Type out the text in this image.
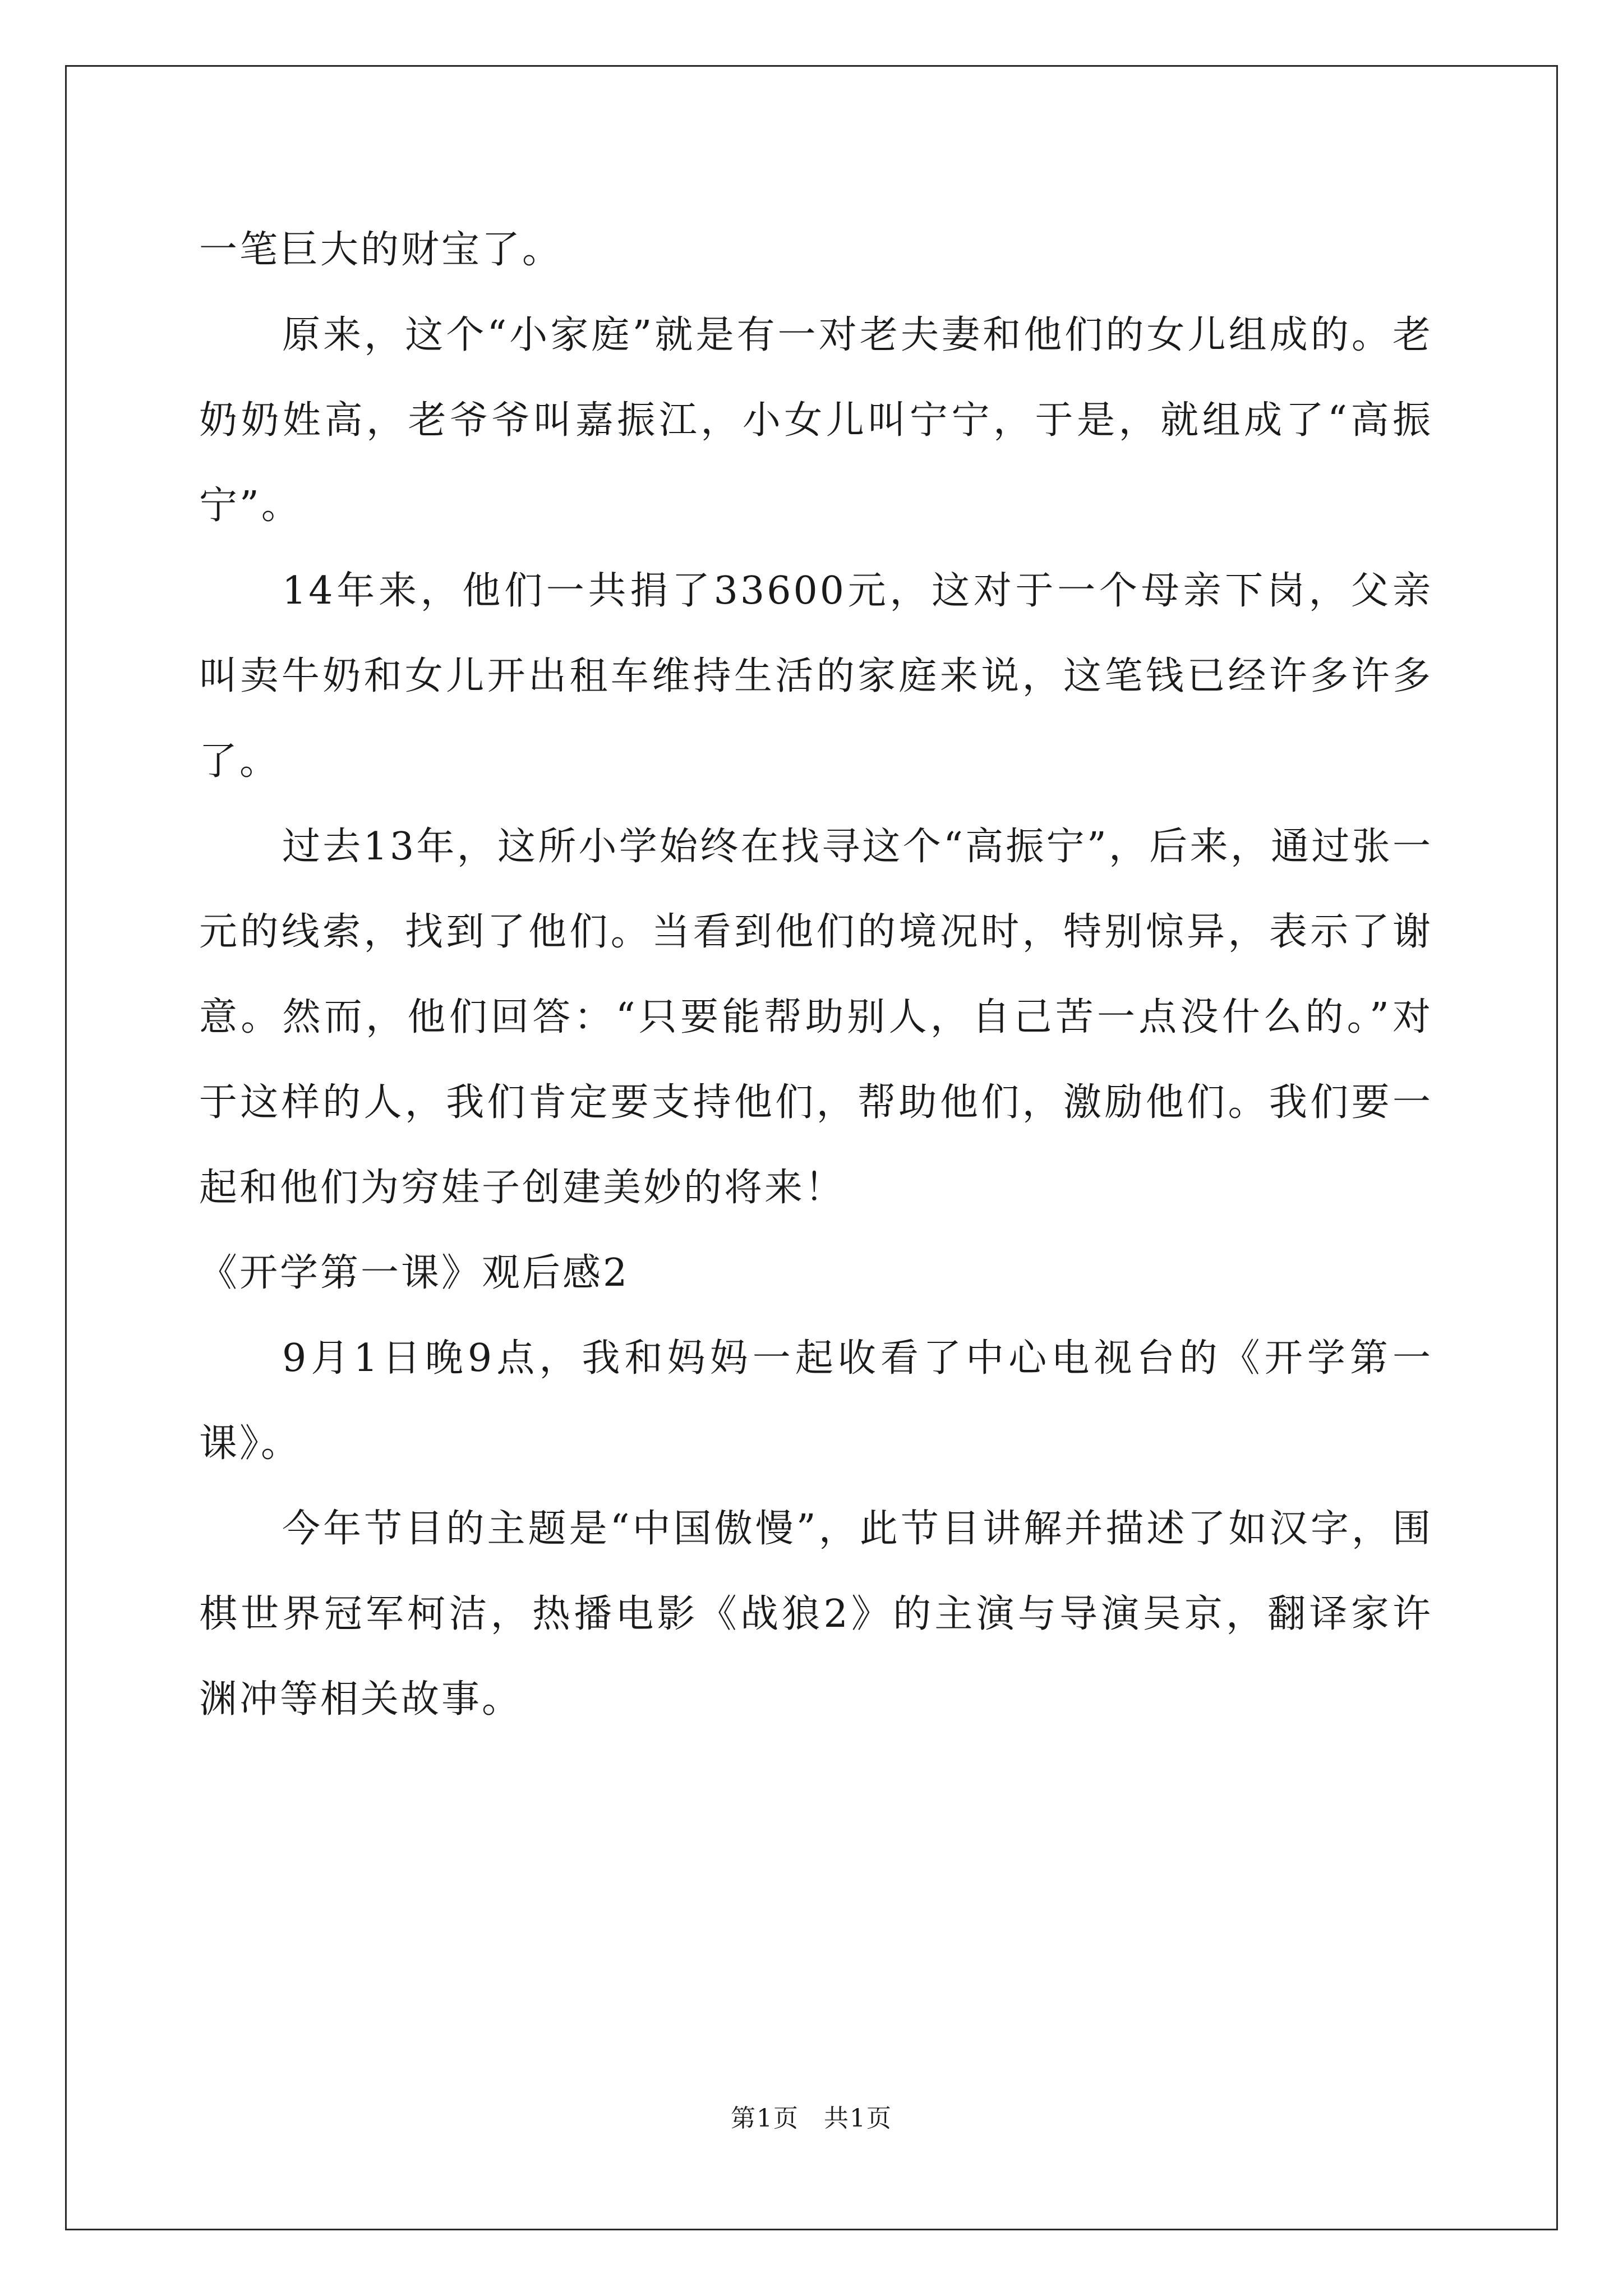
一笔巨大的财宝了。

原来，这个“小家庭”就是有一对老夫妻和他们的女儿组成的。老奶奶姓高，老爷爷叫嘉振江，小女儿叫宁宁，于是，就组成了“高振宁”。

14年来，他们一共捐了33600元，这对于一个母亲下岗，父亲叫卖牛奶和女儿开出租车维持生活的家庭来说，这笔钱已经许多许多了。

过去13年，这所小学始终在找寻这个“高振宁”，后来，通过张一元的线索，找到了他们。当看到他们的境况时，特别惊异，表示了谢意。然而，他们回答：“只要能帮助别人，自己苦一点没什么的。”对于这样的人，我们肯定要支持他们，帮助他们，激励他们。我们要一起和他们为穷娃子创建美妙的将来！

《开学第一课》观后感2

9月1日晚9点，我和妈妈一起收看了中心电视台的《开学第一课》。

今年节目的主题是“中国傲慢”，此节目讲解并描述了如汉字，围棋世界冠军柯洁，热播电影《战狼2》的主演与导演吴京，翻译家许渊冲等相关故事。

第1页 共1页
